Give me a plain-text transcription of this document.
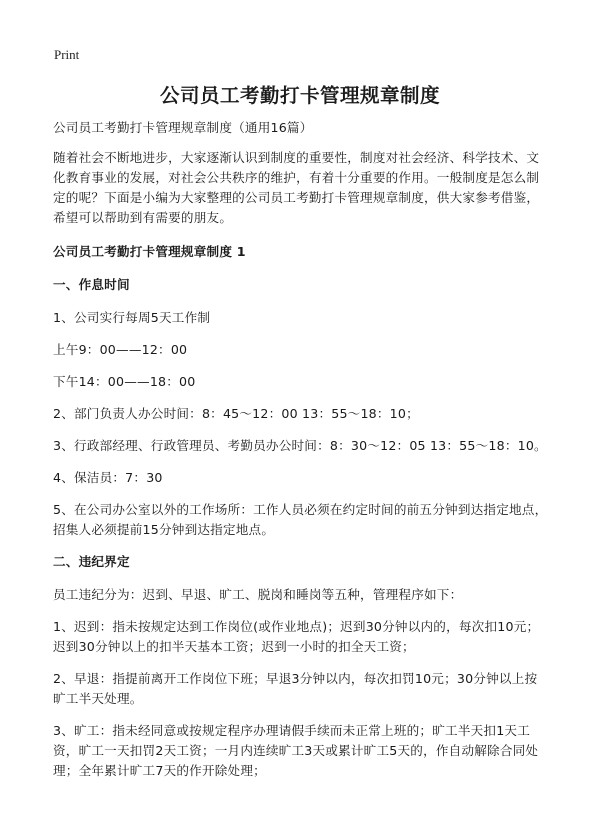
Print
公司员工考勤打卡管理规章制度

公司员工考勤打卡管理规章制度（通用16篇）

随着社会不断地进步，大家逐渐认识到制度的重要性，制度对社会经济、科学技术、文化教育事业的发展，对社会公共秩序的维护，有着十分重要的作用。一般制度是怎么制定的呢？下面是小编为大家整理的公司员工考勤打卡管理规章制度，供大家参考借鉴，希望可以帮助到有需要的朋友。

公司员工考勤打卡管理规章制度 1

一、作息时间

1、公司实行每周5天工作制

上午9：00——12：00

下午14：00——18：00

2、部门负责人办公时间：8：45～12：00 13：55～18：10；

3、行政部经理、行政管理员、考勤员办公时间：8：30～12：05 13：55～18：10。

4、保洁员：7：30

5、在公司办公室以外的工作场所：工作人员必须在约定时间的前五分钟到达指定地点，招集人必须提前15分钟到达指定地点。

二、违纪界定

员工违纪分为：迟到、早退、旷工、脱岗和睡岗等五种，管理程序如下：

1、迟到：指未按规定达到工作岗位(或作业地点)；迟到30分钟以内的，每次扣10元；迟到30分钟以上的扣半天基本工资；迟到一小时的扣全天工资；

2、早退：指提前离开工作岗位下班；早退3分钟以内，每次扣罚10元；30分钟以上按旷工半天处理。

3、旷工：指未经同意或按规定程序办理请假手续而未正常上班的；旷工半天扣1天工资，旷工一天扣罚2天工资；一月内连续旷工3天或累计旷工5天的，作自动解除合同处理；全年累计旷工7天的作开除处理；
